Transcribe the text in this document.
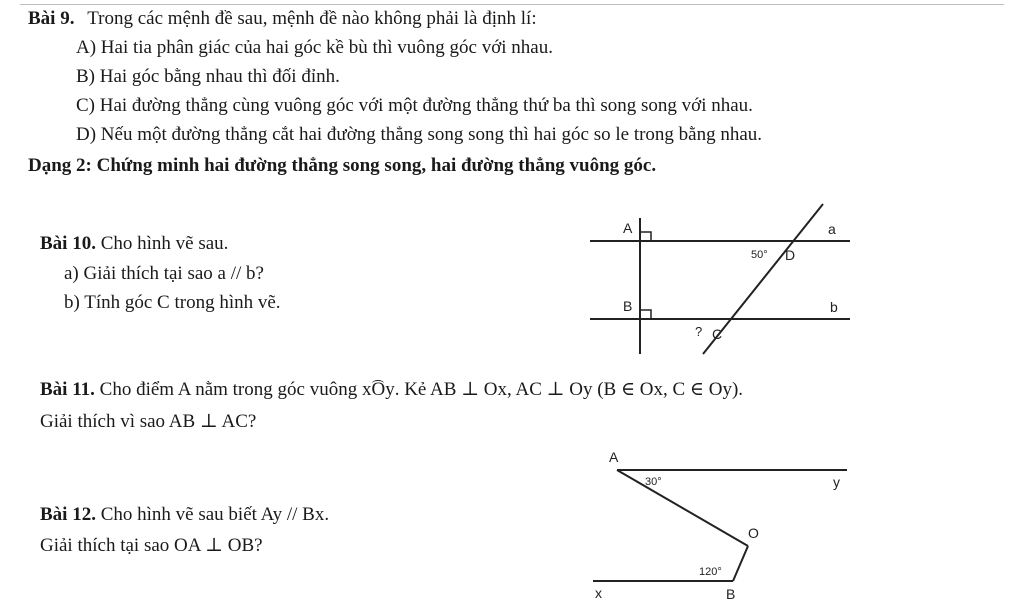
Bài 9. Trong các mệnh đề sau, mệnh đề nào không phải là định lí:
A) Hai tia phân giác của hai góc kề bù thì vuông góc với nhau.
B) Hai góc bằng nhau thì đối đỉnh.
C) Hai đường thẳng cùng vuông góc với một đường thẳng thứ ba thì song song với nhau.
D) Nếu một đường thẳng cắt hai đường thẳng song song thì hai góc so le trong bằng nhau.
Dạng 2: Chứng minh hai đường thẳng song song, hai đường thẳng vuông góc.
Bài 10. Cho hình vẽ sau.
a) Giải thích tại sao a // b?
b) Tính góc C trong hình vẽ.
A
B
a
b
D
C
50°
?
Bài 11. Cho điểm A nằm trong góc vuông xOy. Kẻ AB ⊥ Ox, AC ⊥ Oy (B ∈ Ox, C ∈ Oy).
Giải thích vì sao AB ⊥ AC?
Bài 12. Cho hình vẽ sau biết Ay // Bx.
Giải thích tại sao OA ⊥ OB?
A
y
O
x	B
30°
120°
